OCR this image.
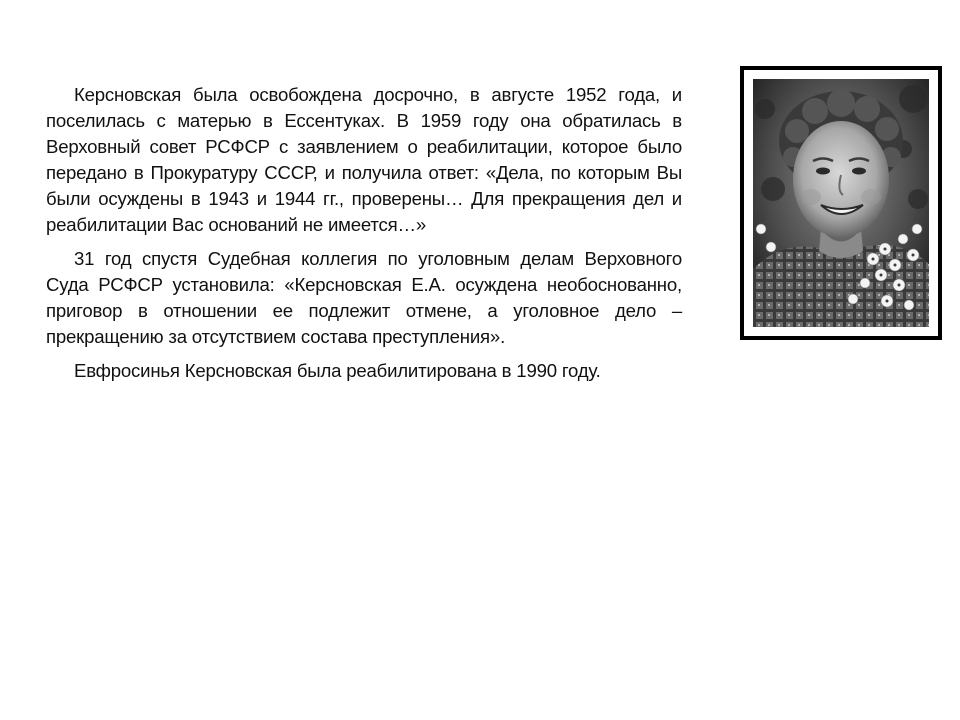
Керсновская была освобождена досрочно, в августе 1952 года, и поселилась с матерью в Ессентуках. В 1959 году она обратилась в Верховный совет РСФСР с заявлением о реабилитации, которое было передано в Прокуратуру СССР, и получила ответ: «Дела, по которым Вы были осуждены в 1943 и 1944 гг., проверены… Для прекращения дел и реабилитации Вас оснований не имеется…»

31 год спустя Судебная коллегия по уголовным делам Верховного Суда РСФСР установила: «Керсновская Е.А. осуждена необоснованно, приговор в отношении ее подлежит отмене, а уголовное дело – прекращению за отсутствием состава преступления».

Евфросинья Керсновская была реабилитирована в 1990 году.
